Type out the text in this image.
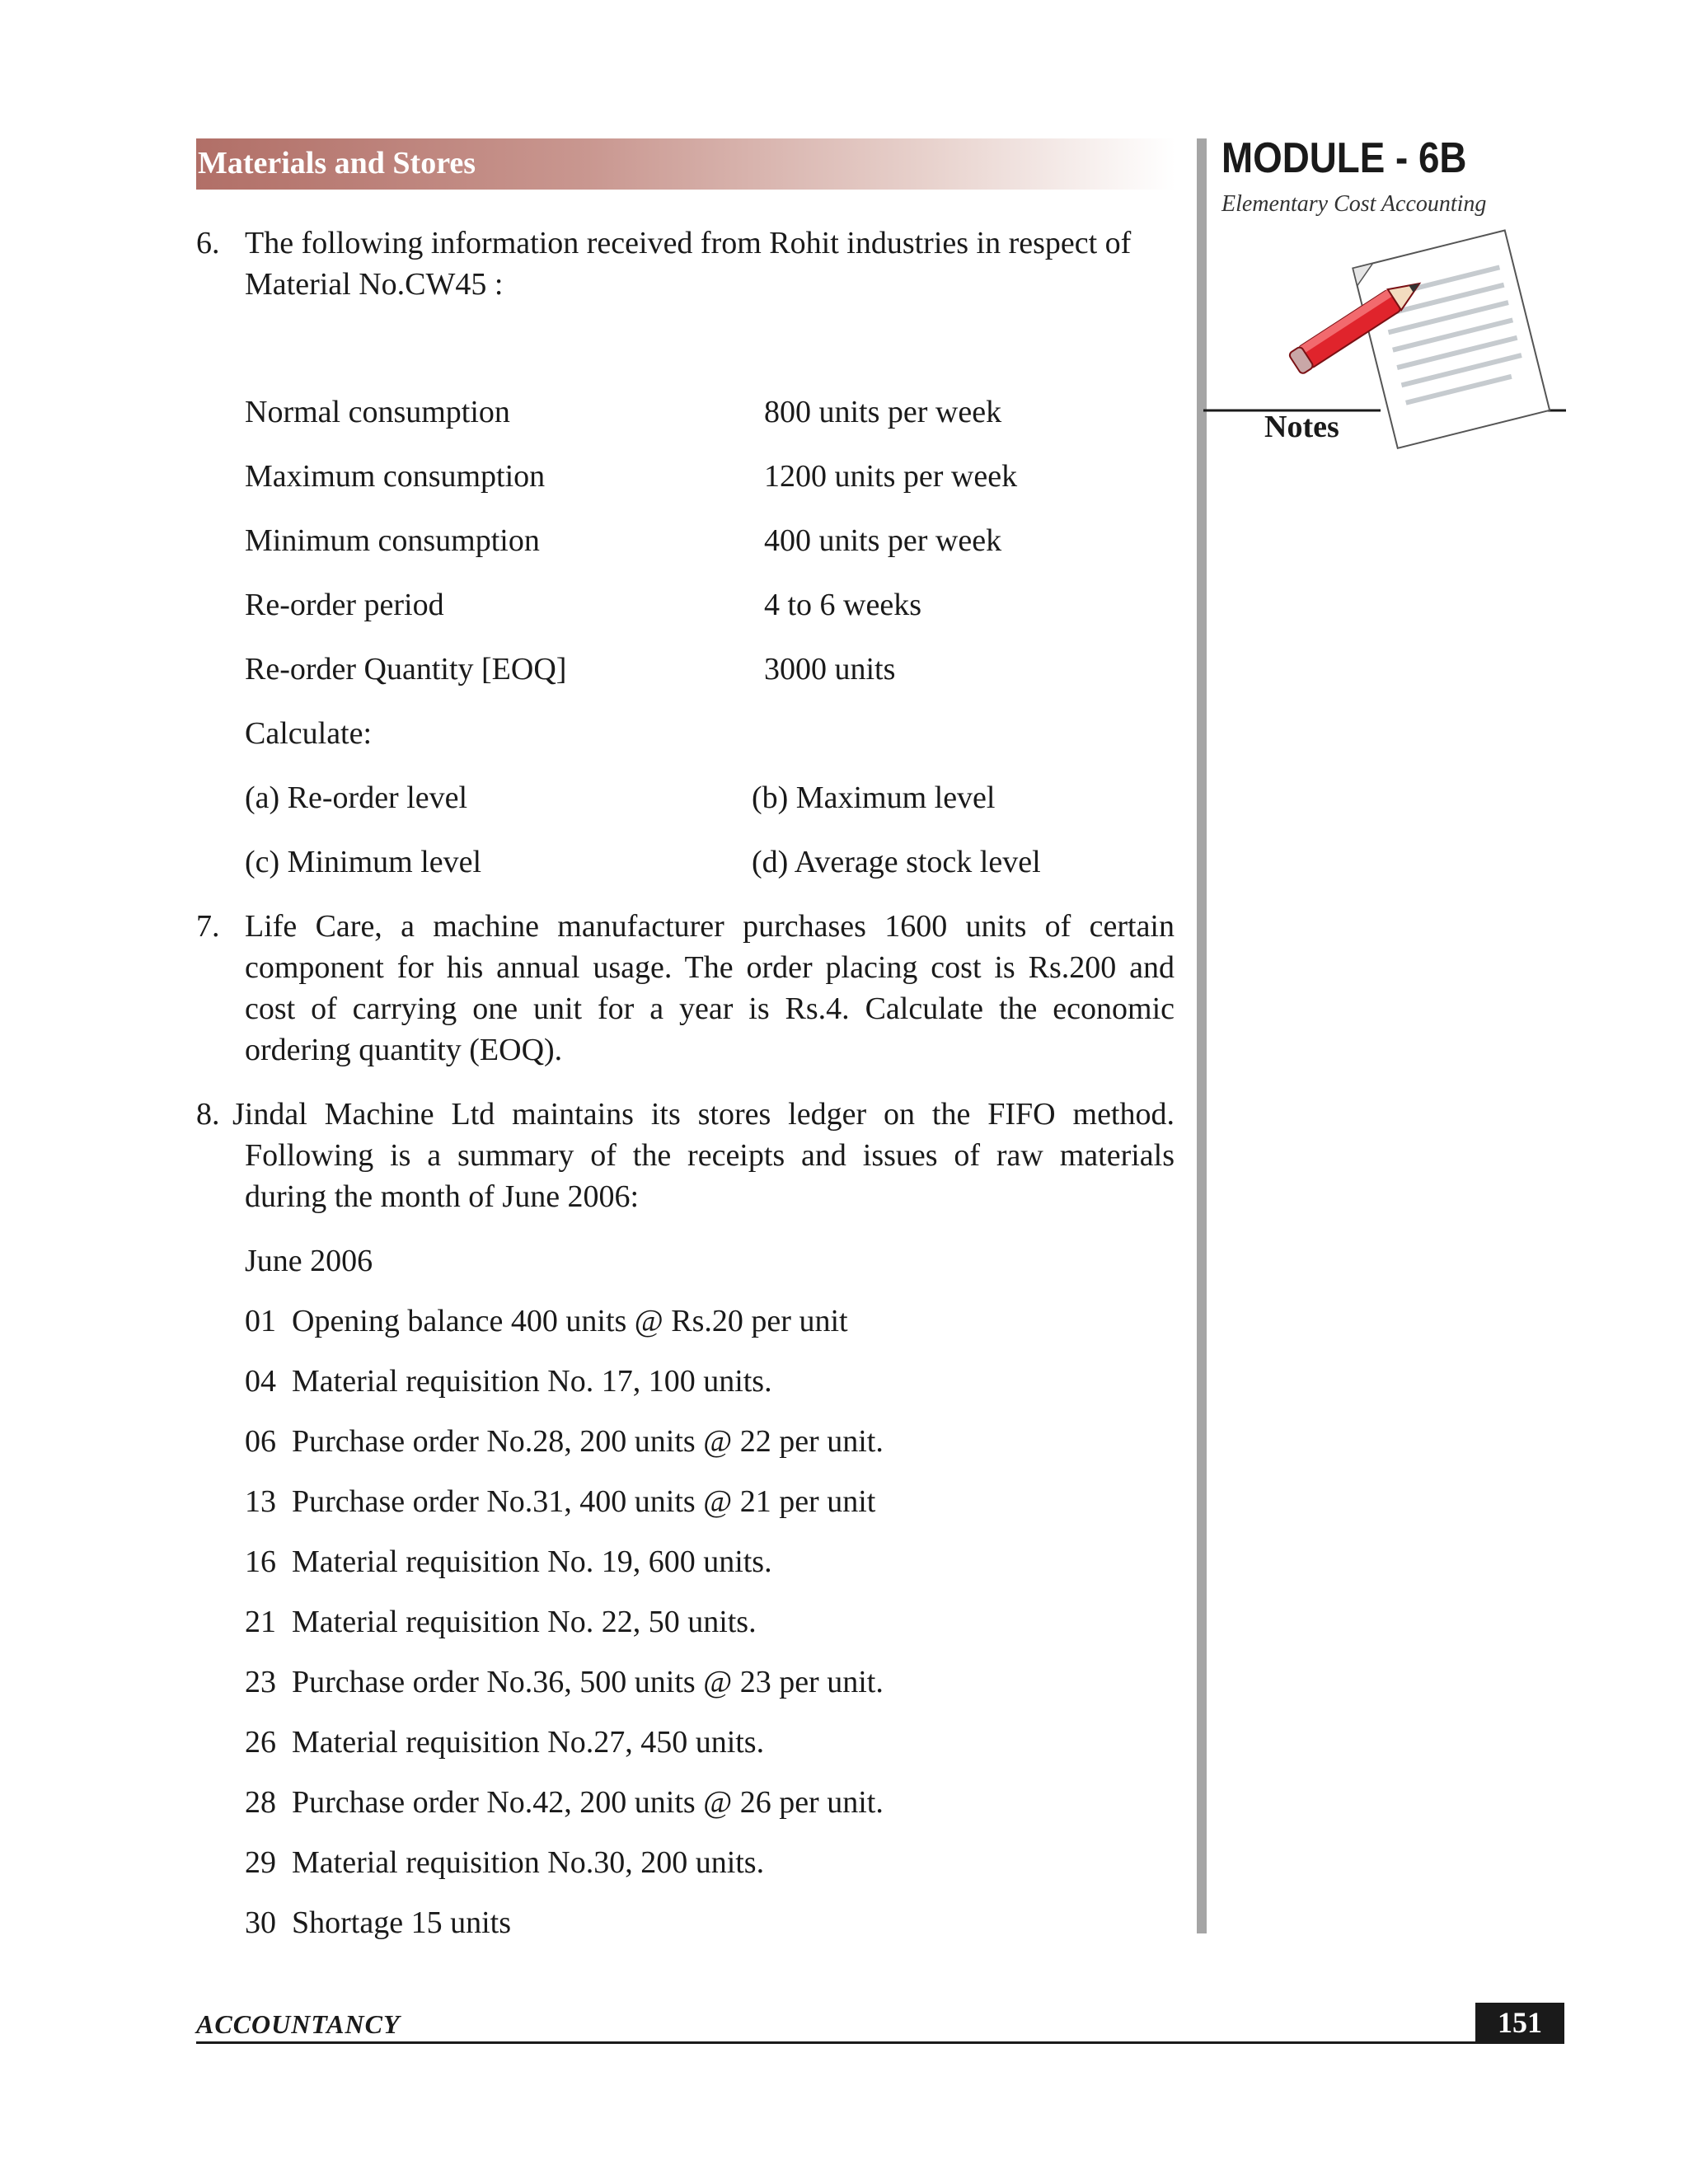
Materials and Stores	MODULE - 6B
Elementary Cost Accounting
Notes
6. The following information received from Rohit industries in respect of
Material No.CW45 :
Normal consumption	800 units per week
Maximum consumption	1200 units per week
Minimum consumption	400 units per week
Re-order period	4 to 6 weeks
Re-order Quantity [EOQ]	3000 units
Calculate:
(a) Re-order level	(b) Maximum level
(c) Minimum level	(d) Average stock level
7. Life Care, a machine manufacturer purchases 1600 units of certain
component for his annual usage. The order placing cost is Rs.200 and
cost of carrying one unit for a year is Rs.4. Calculate the economic
ordering quantity (EOQ).
8. Jindal Machine Ltd maintains its stores ledger on the FIFO method.
Following is a summary of the receipts and issues of raw materials
during the month of June 2006:
June 2006
01  Opening balance 400 units @ Rs.20 per unit
04  Material requisition No. 17, 100 units.
06  Purchase order No.28, 200 units @ 22 per unit.
13  Purchase order No.31, 400 units @ 21 per unit
16  Material requisition No. 19, 600 units.
21  Material requisition No. 22, 50 units.
23  Purchase order No.36, 500 units @ 23 per unit.
26  Material requisition No.27, 450 units.
28  Purchase order No.42, 200 units @ 26 per unit.
29  Material requisition No.30, 200 units.
30  Shortage 15 units
ACCOUNTANCY	151
